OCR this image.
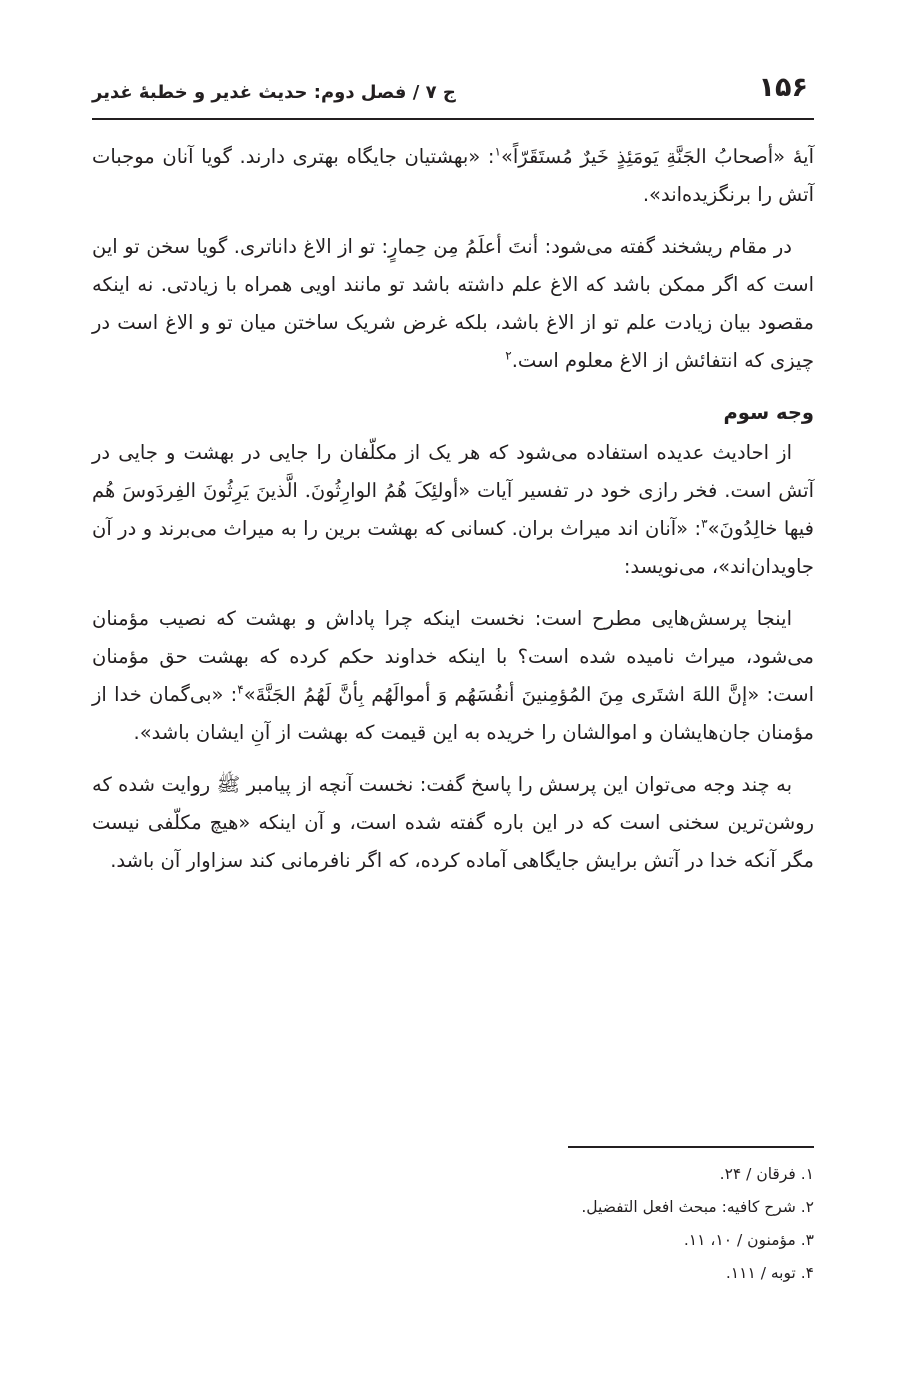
۱۵۶
ج ۷ / فصل دوم: حدیث غدیر و خطبهٔ غدیر

آیهٔ «أصحابُ الجَنَّةِ یَومَئِذٍ خَیرٌ مُستَقَرّاً»$^۱$: «بهشتیان جایگاه بهتری دارند. گویا آنان موجبات آتش را برنگزیده‌اند».

در مقام ریشخند گفته می‌شود: أنتَ أعلَمُ مِن حِمارٍ: تو از الاغ داناتری. گویا سخن تو این است که اگر ممکن باشد که الاغ علم داشته باشد تو مانند اویی همراه با زیادتی. نه اینکه مقصود بیان زیادت علم تو از الاغ باشد، بلکه غرض شریک ساختن میان تو و الاغ است در چیزی که انتفائش از الاغ معلوم است.$^۲$

وجه سوم

از احادیث عدیده استفاده می‌شود که هر یک از مکلّفان را جایی در بهشت و جایی در آتش است. فخر رازی خود در تفسیر آیات «أولئِکَ هُمُ الوارِثُونَ. الَّذینَ یَرِثُونَ الفِردَوسَ هُم فیها خالِدُونَ»$^۳$: «آنان اند میراث بران. کسانی که بهشت برین را به میراث می‌برند و در آن جاویدان‌اند»، می‌نویسد:

اینجا پرسش‌هایی مطرح است: نخست اینکه چرا پاداش و بهشت که نصیب مؤمنان می‌شود، میراث نامیده شده است؟ با اینکه خداوند حکم کرده که بهشت حق مؤمنان است: «إنَّ اللهَ اشتَری مِنَ المُؤمِنینَ أنفُسَهُم وَ أموالَهُم بِأنَّ لَهُمُ الجَنَّةَ»$^۴$: «بی‌گمان خدا از مؤمنان جان‌هایشان و اموالشان را خریده به این قیمت که بهشت از آنِ ایشان باشد».

به چند وجه می‌توان این پرسش را پاسخ گفت: نخست آنچه از پیامبر ﷺ روایت شده که روشن‌ترین سخنی است که در این باره گفته شده است، و آن اینکه «هیچ مکلّفی نیست مگر آنکه خدا در آتش برایش جایگاهی آماده کرده، که اگر نافرمانی کند سزاوار آن باشد.

۱. فرقان / ۲۴.
۲. شرح کافیه: مبحث افعل التفضیل.
۳. مؤمنون / ۱۰، ۱۱.
۴. توبه / ۱۱۱.
